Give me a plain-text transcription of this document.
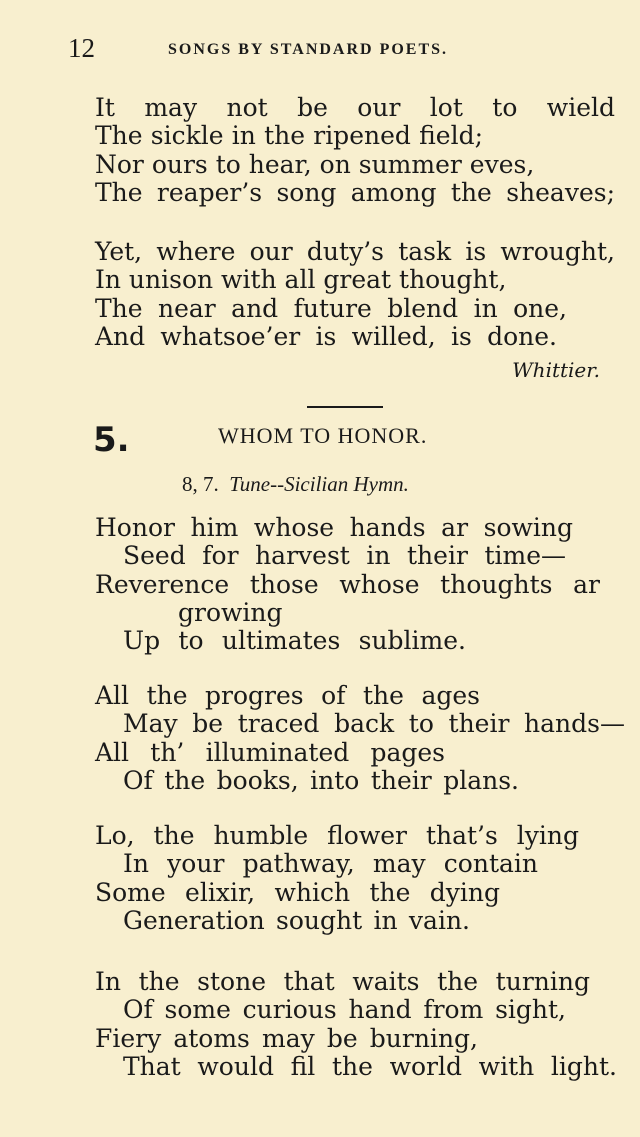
12	SONGS BY STANDARD POETS.
It may not be our lot to wield
The sickle in the ripened field;
Nor ours to hear, on summer eves,
The reaper’s song among the sheaves;
Yet, where our duty’s task is wrought,
In unison with all great thought,
The near and future blend in one,
And whatsoe’er is willed, is done.
Whittier.
5.	WHOM TO HONOR.
8, 7. Tune--Sicilian Hymn.
Honor him whose hands ar sowing
Seed for harvest in their time—
Reverence those whose thoughts ar
growing
Up to ultimates sublime.
All the progres of the ages
May be traced back to their hands—
All th’ illuminated pages
Of the books, into their plans.
Lo, the humble flower that’s lying
In your pathway, may contain
Some elixir, which the dying
Generation sought in vain.
In the stone that waits the turning
Of some curious hand from sight,
Fiery atoms may be burning,
That would fil the world with light.
